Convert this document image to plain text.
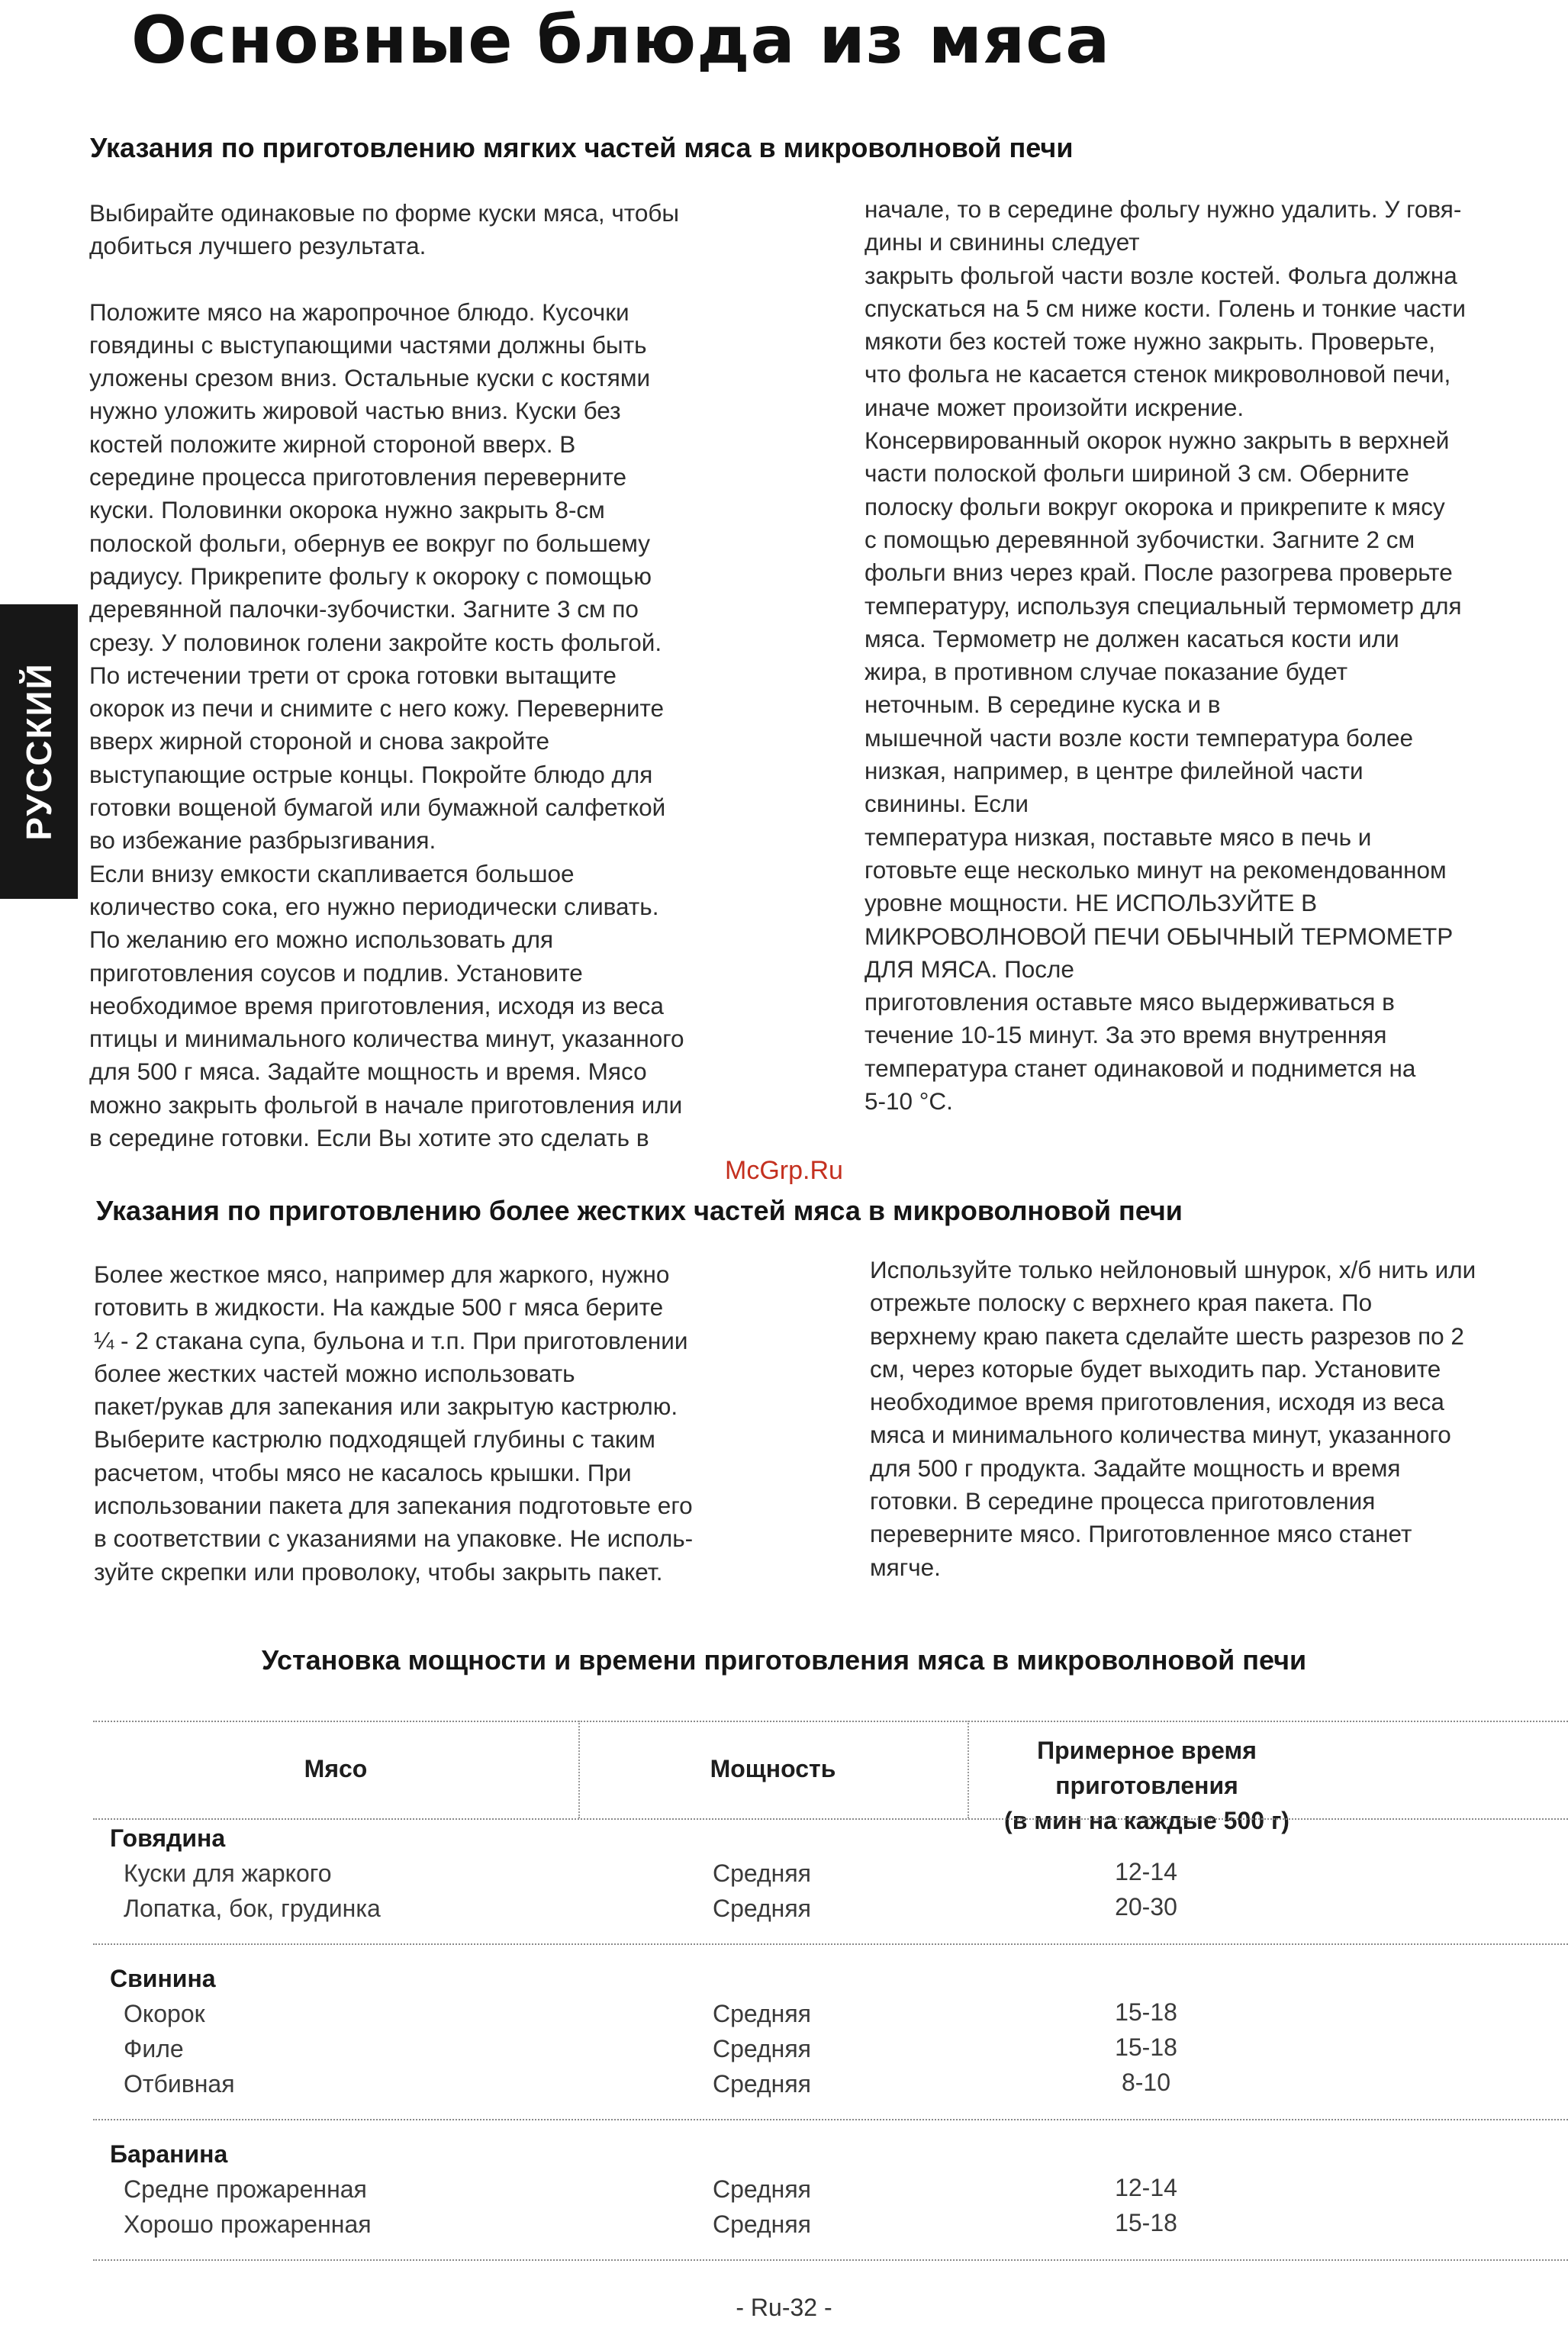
Основные блюда из мяса
РУССКИЙ
Указания по приготовлению мягких частей мяса в микроволновой печи

Выбирайте одинаковые по форме куски мяса, чтобы

добиться лучшего результата.

Положите мясо на жаропрочное блюдо. Кусочки

говядины с выступающими частями должны быть

уложены срезом вниз. Остальные куски с костями

нужно уложить жировой частью вниз. Куски без

костей положите жирной стороной вверх. В

середине процесса приготовления переверните

куски. Половинки окорока нужно закрыть 8-см

полоской фольги, обернув ее вокруг по большему

радиусу. Прикрепите фольгу к окороку с помощью

деревянной палочки-зубочистки. Загните 3 см по

срезу. У половинок голени закройте кость фольгой.

По истечении трети от срока готовки вытащите

окорок из печи и снимите с него кожу. Переверните

вверх жирной стороной и снова закройте

выступающие острые концы. Покройте блюдо для

готовки вощеной бумагой или бумажной салфеткой

во избежание разбрызгивания.

Если внизу емкости скапливается большое

количество сока, его нужно периодически сливать.

По желанию его можно использовать для

приготовления соусов и подлив. Установите

необходимое время приготовления, исходя из веса

птицы и минимального количества минут, указанного

для 500 г мяса. Задайте мощность и время. Мясо

можно закрыть фольгой в начале приготовления или

в середине готовки. Если Вы хотите это сделать в

начале, то в середине фольгу нужно удалить. У говя-

дины и свинины следует

закрыть фольгой части возле костей. Фольга должна

спускаться на 5 см ниже кости. Голень и тонкие части

мякоти без костей тоже нужно закрыть. Проверьте,

что фольга не касается стенок микроволновой печи,

иначе может произойти искрение.

Консервированный окорок нужно закрыть в верхней

части полоской фольги шириной 3 см. Оберните

полоску фольги вокруг окорока и прикрепите к мясу

с помощью деревянной зубочистки. Загните 2 см

фольги вниз через край. После разогрева проверьте

температуру, используя специальный термометр для

мяса. Термометр не должен касаться кости или

жира, в противном случае показание будет

неточным. В середине куска и в

мышечной части возле кости температура более

низкая, например, в центре филейной части

свинины. Если

температура низкая, поставьте мясо в печь и

готовьте еще несколько минут на рекомендованном

уровне мощности. НЕ ИСПОЛЬЗУЙТЕ В

МИКРОВОЛНОВОЙ ПЕЧИ ОБЫЧНЫЙ ТЕРМОМЕТР

ДЛЯ МЯСА. После

приготовления оставьте мясо выдерживаться в

течение 10-15 минут. За это время внутренняя

температура станет одинаковой и поднимется на

5-10 °С.

McGrp.Ru

Указания по приготовлению более жестких частей мяса в микроволновой печи

Более жесткое мясо, например для жаркого, нужно

готовить в жидкости. На каждые 500 г мяса берите

¼ - 2 стакана супа, бульона и т.п. При приготовлении

более жестких частей можно использовать

пакет/рукав для запекания или закрытую кастрюлю.

Выберите кастрюлю подходящей глубины с таким

расчетом, чтобы мясо не касалось крышки. При

использовании пакета для запекания подготовьте его

в соответствии с указаниями на упаковке. Не исполь-

зуйте скрепки или проволоку, чтобы закрыть пакет.

Используйте только нейлоновый шнурок, х/б нить или

отрежьте полоску с верхнего края пакета. По

верхнему краю пакета сделайте шесть разрезов по 2

см, через которые будет выходить пар. Установите

необходимое время приготовления, исходя из веса

мяса и минимального количества минут, указанного

для 500 г продукта. Задайте мощность и время

готовки. В середине процесса приготовления

переверните мясо. Приготовленное мясо станет

мягче.

Установка мощности и времени приготовления мяса в микроволновой печи
Мясо	Мощность
Примерное время приготовления
(в мин на каждые 500 г)
Говядина
Куски для жаркого	Средняя	12-14
Лопатка, бок, грудинка	Средняя	20-30
Свинина
Окорок	Средняя	15-18
Филе	Средняя	15-18
Отбивная	Средняя	8-10
Баранина
Средне прожаренная	Средняя	12-14
Хорошо прожаренная	Средняя	15-18

- Ru-32 -
